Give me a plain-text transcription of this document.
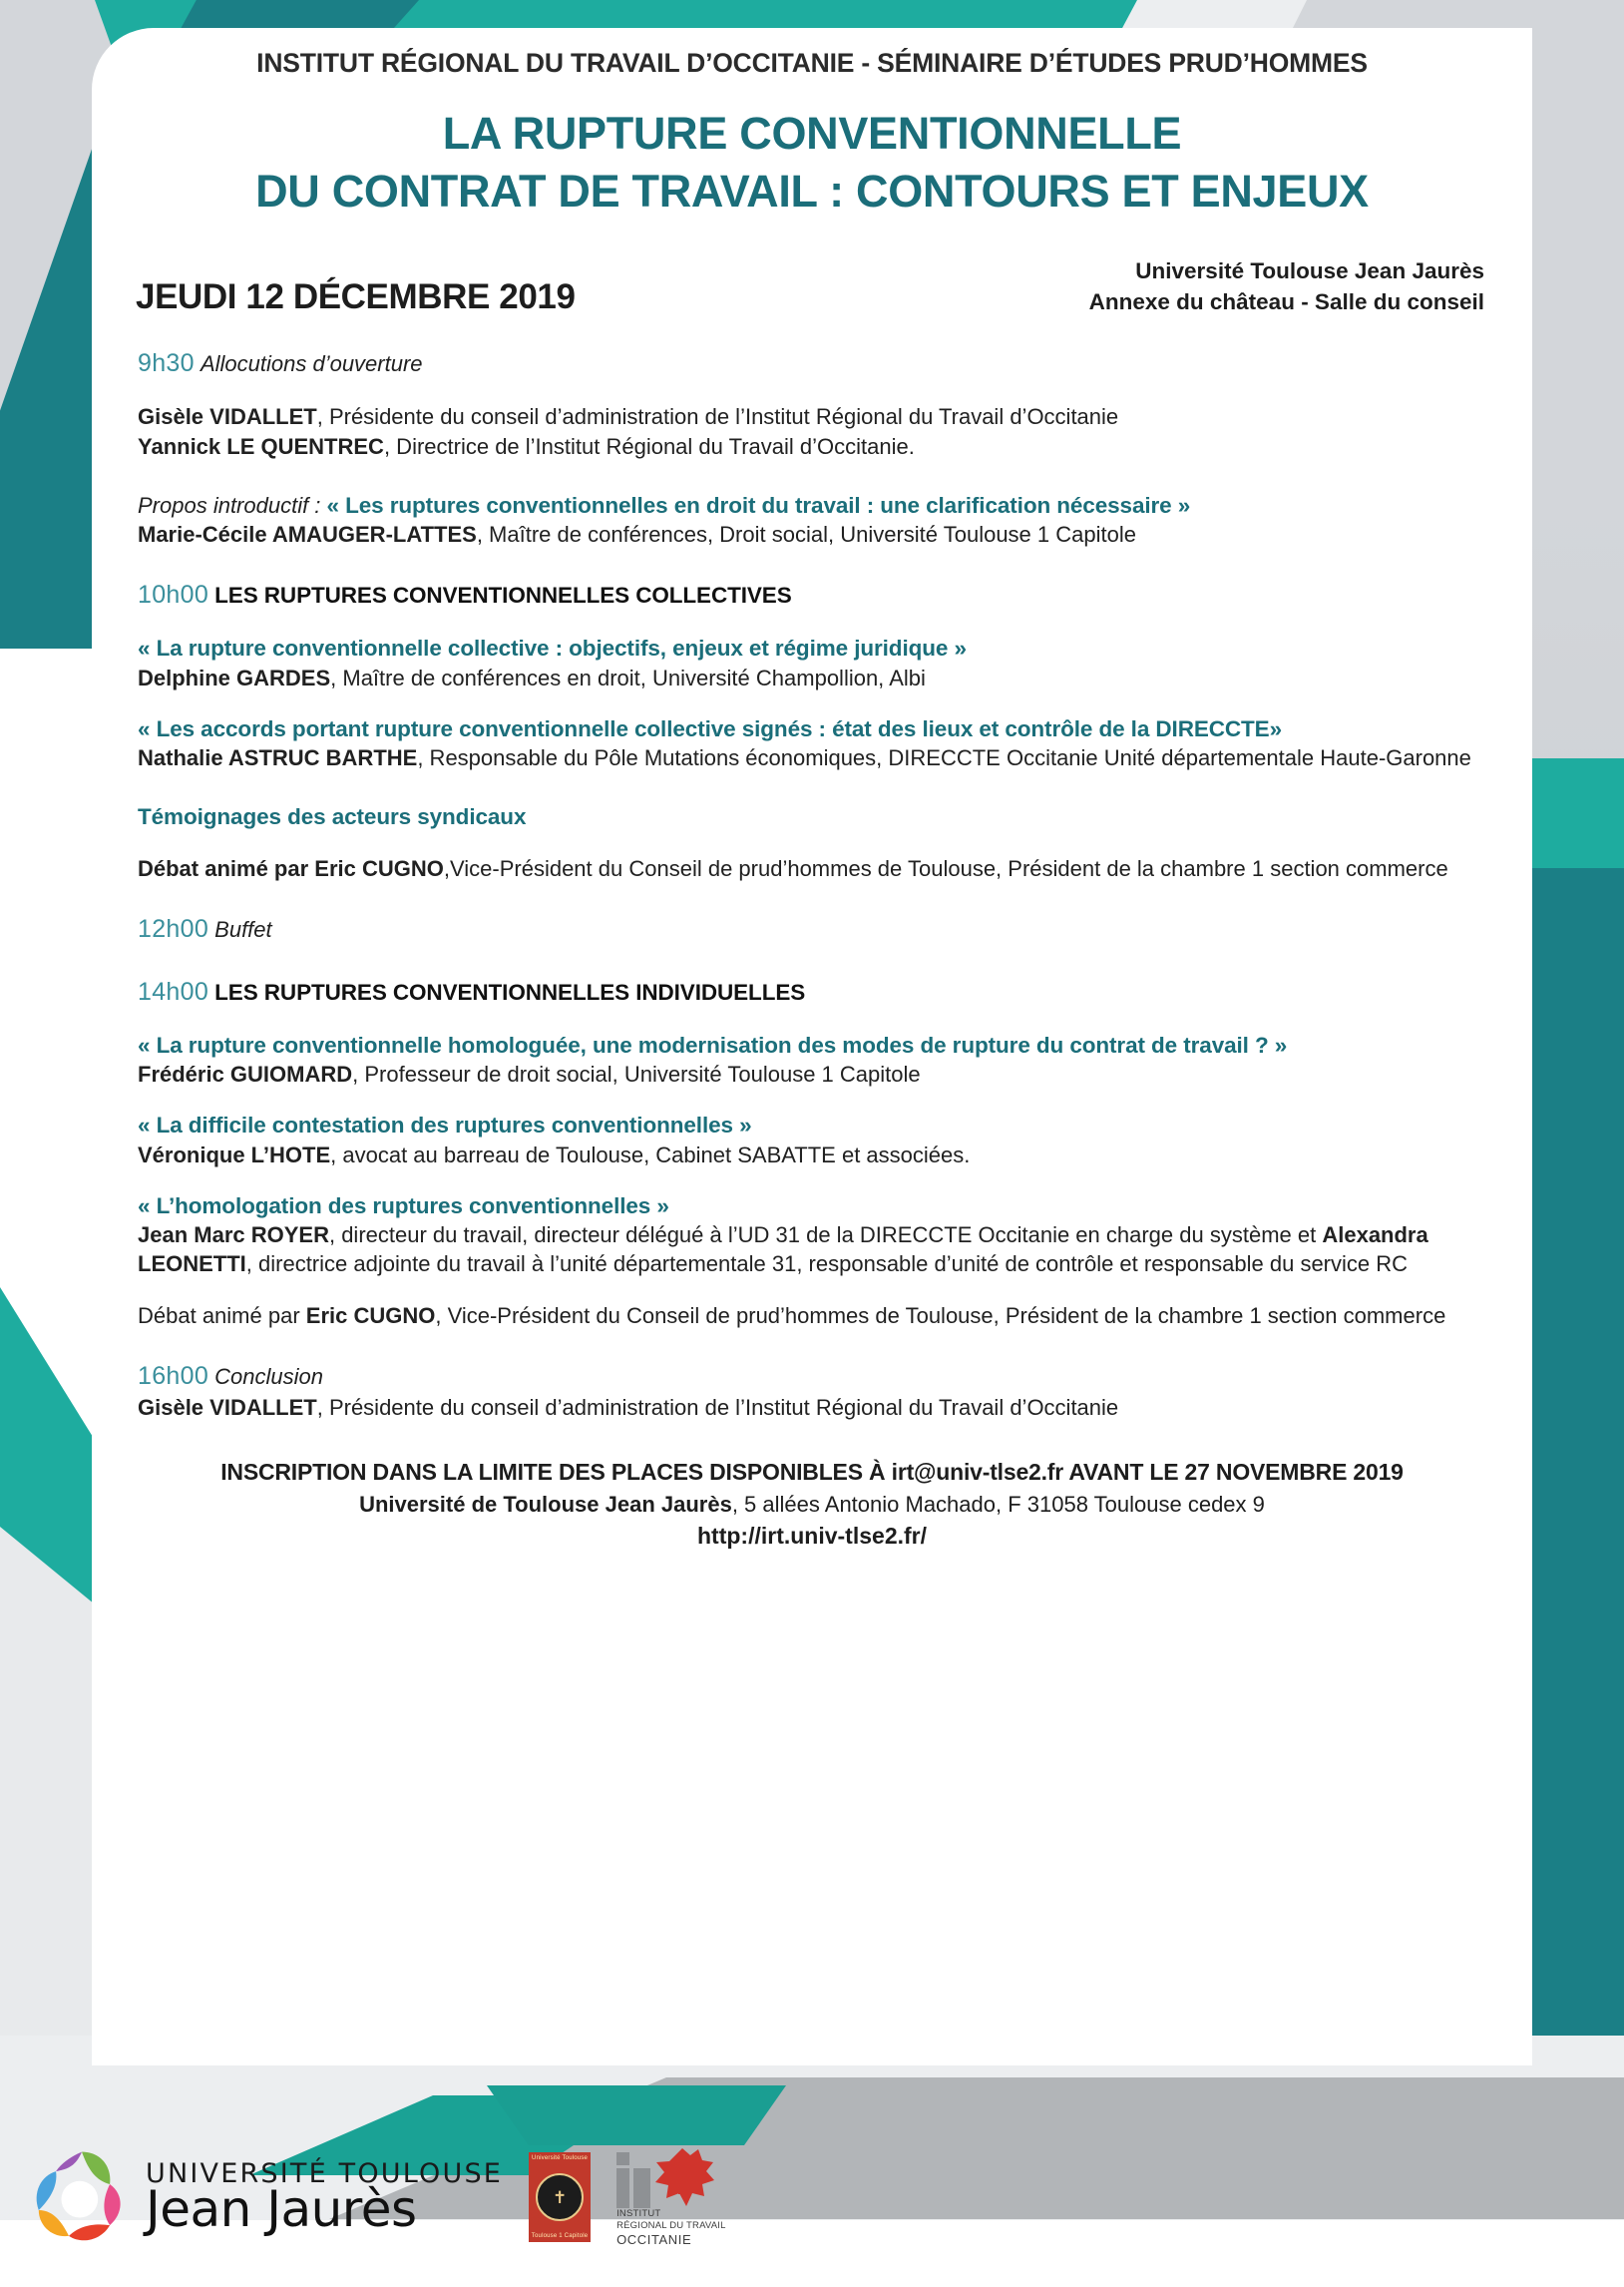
INSTITUT RÉGIONAL DU TRAVAIL D’OCCITANIE - SÉMINAIRE D’ÉTUDES PRUD’HOMMES
LA RUPTURE CONVENTIONNELLE
DU CONTRAT DE TRAVAIL : CONTOURS ET ENJEUX
JEUDI 12 DÉCEMBRE 2019
Université Toulouse Jean Jaurès
Annexe du château - Salle du conseil
9h30 Allocutions d’ouverture
Gisèle VIDALLET, Présidente du conseil d’administration de l’Institut Régional du Travail d’Occitanie
Yannick LE QUENTREC, Directrice de l’Institut Régional du Travail d’Occitanie.
Propos introductif : « Les ruptures conventionnelles en droit du travail : une clarification nécessaire »
Marie-Cécile AMAUGER-LATTES, Maître de conférences, Droit social, Université Toulouse 1 Capitole
10h00 LES RUPTURES CONVENTIONNELLES COLLECTIVES
« La rupture conventionnelle collective : objectifs, enjeux et régime juridique »
Delphine GARDES, Maître de conférences en droit, Université Champollion, Albi
« Les accords portant rupture conventionnelle collective signés : état des lieux et contrôle de la DIRECCTE»
Nathalie ASTRUC BARTHE, Responsable du Pôle Mutations économiques, DIRECCTE Occitanie Unité départementale Haute-Garonne
Témoignages des acteurs syndicaux
Débat animé par Eric CUGNO,Vice-Président du Conseil de prud’hommes de Toulouse, Président de la chambre 1 section commerce
12h00 Buffet
14h00 LES RUPTURES CONVENTIONNELLES INDIVIDUELLES
« La rupture conventionnelle homologuée, une modernisation des modes de rupture du contrat de travail ? »
Frédéric GUIOMARD, Professeur de droit social, Université Toulouse 1 Capitole
« La difficile contestation des ruptures conventionnelles »
Véronique L’HOTE, avocat au barreau de Toulouse, Cabinet SABATTE et associées.
« L’homologation des ruptures conventionnelles »
Jean Marc ROYER, directeur du travail, directeur délégué à l’UD 31 de la DIRECCTE Occitanie en charge du système et Alexandra LEONETTI, directrice adjointe du travail à l’unité départementale 31, responsable d’unité de contrôle et responsable du service RC
Débat animé par Eric CUGNO, Vice-Président du Conseil de prud’hommes de Toulouse, Président de la chambre 1 section commerce
16h00 Conclusion
Gisèle VIDALLET, Présidente du conseil d’administration de l’Institut Régional du Travail d’Occitanie
INSCRIPTION DANS LA LIMITE DES PLACES DISPONIBLES À irt@univ-tlse2.fr AVANT LE 27 NOVEMBRE 2019
Université de Toulouse Jean Jaurès, 5 allées Antonio Machado, F 31058 Toulouse cedex 9
http://irt.univ-tlse2.fr/
UNIVERSITÉ TOULOUSE
Jean Jaurès
Université Toulouse
✝
Toulouse 1 Capitole
INSTITUT
RÉGIONAL DU TRAVAIL
OCCITANIE
